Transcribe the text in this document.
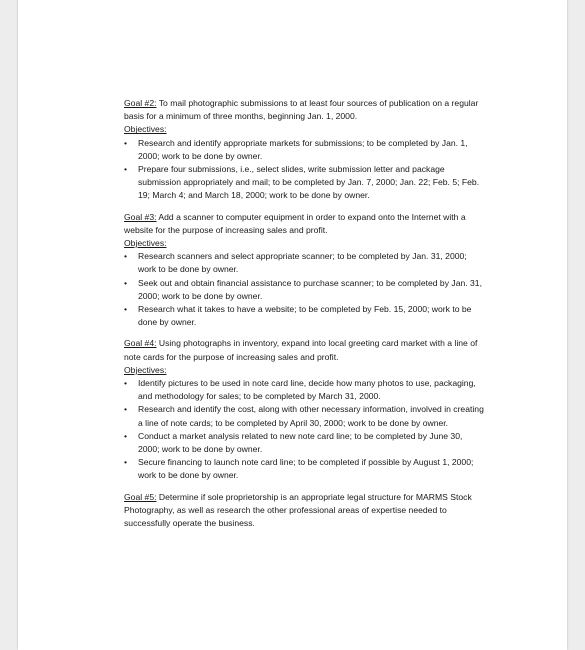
Goal #2: To mail photographic submissions to at least four sources of publication on a regular basis for a minimum of three months, beginning Jan. 1, 2000.
Objectives:
• Research and identify appropriate markets for submissions; to be completed by Jan. 1, 2000; work to be done by owner.
• Prepare four submissions, i.e., select slides, write submission letter and package submission appropriately and mail; to be completed by Jan. 7, 2000; Jan. 22; Feb. 5; Feb. 19; March 4; and March 18, 2000; work to be done by owner.
Goal #3: Add a scanner to computer equipment in order to expand onto the Internet with a website for the purpose of increasing sales and profit.
Objectives:
• Research scanners and select appropriate scanner; to be completed by Jan. 31, 2000; work to be done by owner.
• Seek out and obtain financial assistance to purchase scanner; to be completed by Jan. 31, 2000; work to be done by owner.
• Research what it takes to have a website; to be completed by Feb. 15, 2000; work to be done by owner.
Goal #4: Using photographs in inventory, expand into local greeting card market with a line of note cards for the purpose of increasing sales and profit.
Objectives:
• Identify pictures to be used in note card line, decide how many photos to use, packaging, and methodology for sales; to be completed by March 31, 2000.
• Research and identify the cost, along with other necessary information, involved in creating a line of note cards; to be completed by April 30, 2000; work to be done by owner.
• Conduct a market analysis related to new note card line; to be completed by June 30, 2000; work to be done by owner.
• Secure financing to launch note card line; to be completed if possible by August 1, 2000; work to be done by owner.
Goal #5: Determine if sole proprietorship is an appropriate legal structure for MARMS Stock Photography, as well as research the other professional areas of expertise needed to successfully operate the business.
